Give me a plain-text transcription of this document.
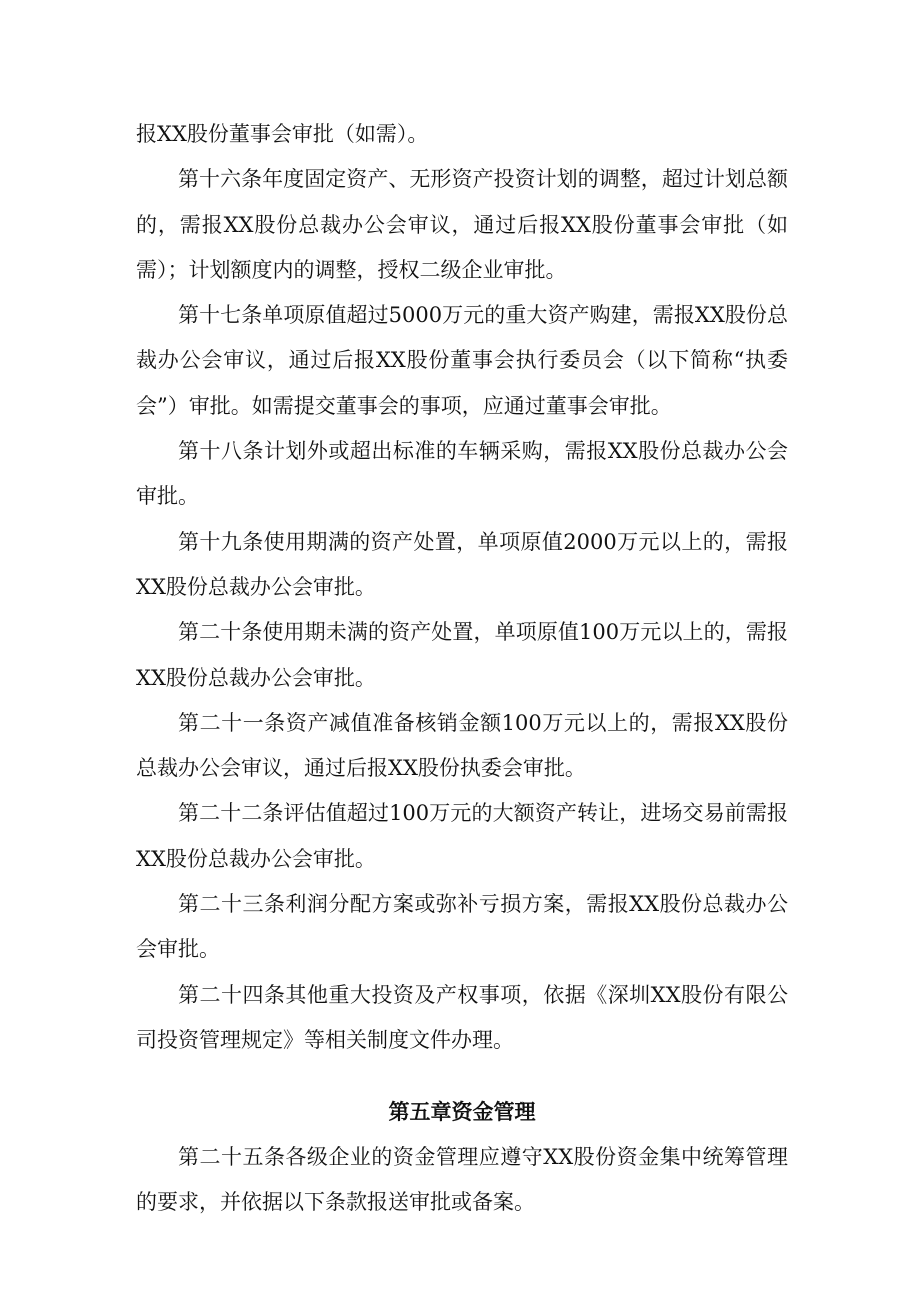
报XX股份董事会审批（如需）。

第十六条年度固定资产、无形资产投资计划的调整，超过计划总额的，需报XX股份总裁办公会审议，通过后报XX股份董事会审批（如需）；计划额度内的调整，授权二级企业审批。

第十七条单项原值超过5000万元的重大资产购建，需报XX股份总裁办公会审议，通过后报XX股份董事会执行委员会（以下简称“执委会”）审批。如需提交董事会的事项，应通过董事会审批。

第十八条计划外或超出标准的车辆采购，需报XX股份总裁办公会审批。

第十九条使用期满的资产处置，单项原值2000万元以上的，需报XX股份总裁办公会审批。

第二十条使用期未满的资产处置，单项原值100万元以上的，需报XX股份总裁办公会审批。

第二十一条资产减值准备核销金额100万元以上的，需报XX股份总裁办公会审议，通过后报XX股份执委会审批。

第二十二条评估值超过100万元的大额资产转让，进场交易前需报XX股份总裁办公会审批。

第二十三条利润分配方案或弥补亏损方案，需报XX股份总裁办公会审批。

第二十四条其他重大投资及产权事项，依据《深圳XX股份有限公司投资管理规定》等相关制度文件办理。

第五章资金管理

第二十五条各级企业的资金管理应遵守XX股份资金集中统筹管理的要求，并依据以下条款报送审批或备案。
